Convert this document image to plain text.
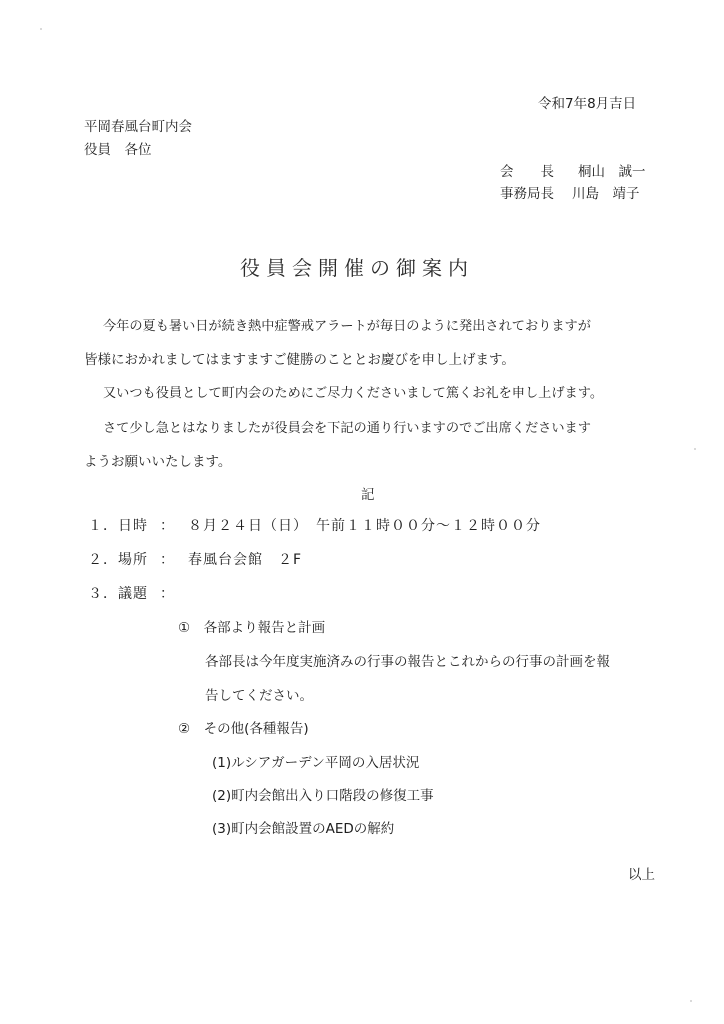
令和7年8月吉日
平岡春風台町内会
役員　各位
会　　長 桐山　誠一
事務局長 川島　靖子
役員会開催の御案内
今年の夏も暑い日が続き熱中症警戒アラートが毎日のように発出されておりますが
皆様におかれましてはますますご健勝のこととお慶びを申し上げます。
又いつも役員として町内会のためにご尽力くださいまして篤くお礼を申し上げます。
さて少し急とはなりましたが役員会を下記の通り行いますのでご出席くださいます
ようお願いいたします。
記
１．日時 ： ８月２４日（日）　午前１１時００分～１２時００分
２．場所 ： 春風台会館　２F
３．議題 ：
①　各部より報告と計画
各部長は今年度実施済みの行事の報告とこれからの行事の計画を報
告してください。
②　その他(各種報告)
(1)ルシアガーデン平岡の入居状況
(2)町内会館出入り口階段の修復工事
(3)町内会館設置のAEDの解約
以上
